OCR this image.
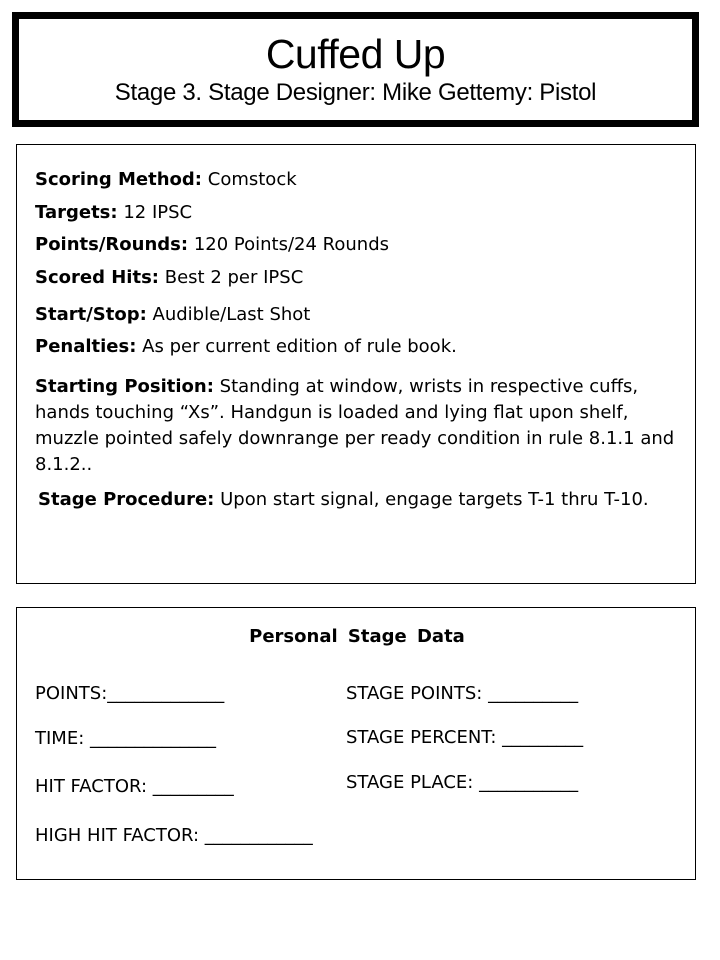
Cuffed Up
Stage 3. Stage Designer: Mike Gettemy: Pistol
Scoring Method: Comstock
Targets: 12 IPSC
Points/Rounds: 120 Points/24 Rounds
Scored Hits: Best 2 per IPSC
Start/Stop: Audible/Last Shot
Penalties: As per current edition of rule book.
Starting Position: Standing at window, wrists in respective cuffs, hands touching “Xs”. Handgun is loaded and lying flat upon shelf, muzzle pointed safely downrange per ready condition in rule 8.1.1 and 8.1.2..
Stage Procedure: Upon start signal, engage targets T-1 thru T-10.
Personal Stage Data
POINTS:_____________
TIME: ______________
HIT FACTOR: _________
HIGH HIT FACTOR: ____________
STAGE POINTS: __________
STAGE PERCENT: _________
STAGE PLACE: ___________
